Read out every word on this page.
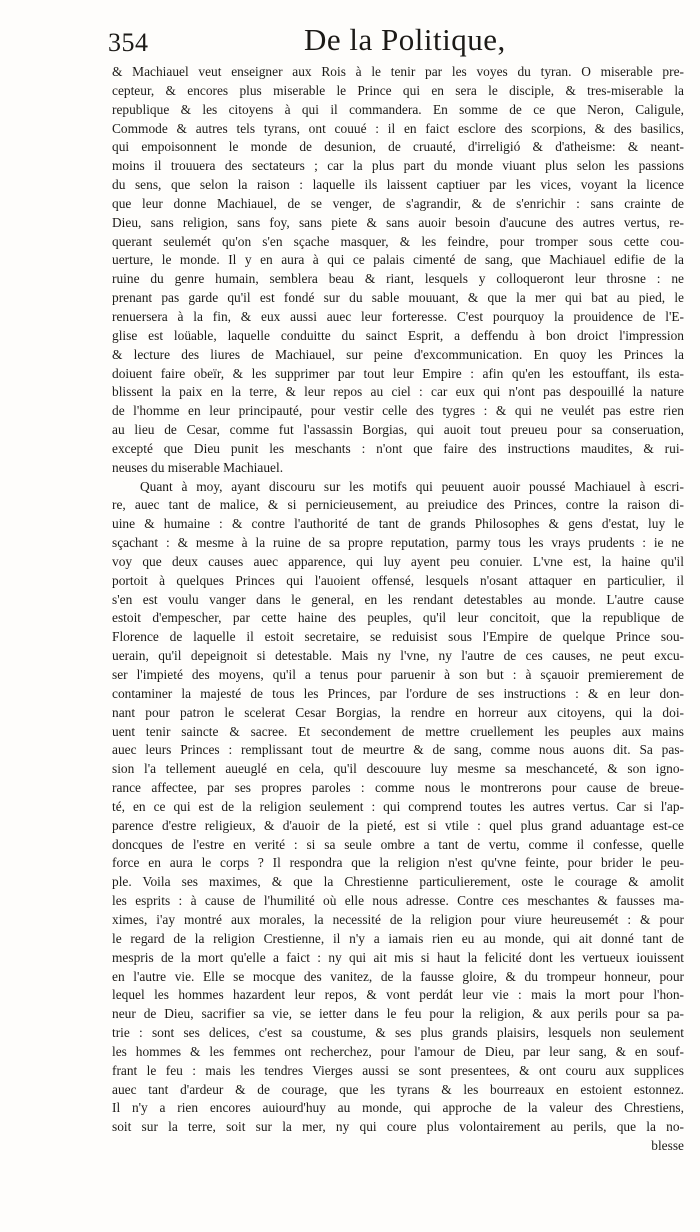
354	De la Politique,
& Machiauel veut enseigner aux Rois à le tenir par les voyes du tyran. O miserable pre-
cepteur, & encores plus miserable le Prince qui en sera le disciple, & tres-miserable la
republique & les citoyens à qui il commandera. En somme de ce que Neron, Caligule,
Commode & autres tels tyrans, ont couué : il en faict esclore des scorpions, & des basilics,
qui empoisonnent le monde de desunion, de cruauté, d'irreligió & d'atheisme: & neant-
moins il trouuera des sectateurs ; car la plus part du monde viuant plus selon les passions
du sens, que selon la raison : laquelle ils laissent captiuer par les vices, voyant la licence
que leur donne Machiauel, de se venger, de s'agrandir, & de s'enrichir : sans crainte de
Dieu, sans religion, sans foy, sans piete & sans auoir besoin d'aucune des autres vertus, re-
querant seulemét qu'on s'en sçache masquer, & les feindre, pour tromper sous cette cou-
uerture, le monde. Il y en aura à qui ce palais cimenté de sang, que Machiauel edifie de la
ruine du genre humain, semblera beau & riant, lesquels y colloqueront leur throsne : ne
prenant pas garde qu'il est fondé sur du sable mouuant, & que la mer qui bat au pied, le
renuersera à la fin, & eux aussi auec leur forteresse. C'est pourquoy la prouidence de l'E-
glise est loüable, laquelle conduitte du sainct Esprit, a deffendu à bon droict l'impression
& lecture des liures de Machiauel, sur peine d'excommunication. En quoy les Princes la
doiuent faire obeïr, & les supprimer par tout leur Empire : afin qu'en les estouffant, ils esta-
blissent la paix en la terre, & leur repos au ciel : car eux qui n'ont pas despouillé la nature
de l'homme en leur principauté, pour vestir celle des tygres : & qui ne veulét pas estre rien
au lieu de Cesar, comme fut l'assassin Borgias, qui auoit tout preueu pour sa conseruation,
excepté que Dieu punit les meschants : n'ont que faire des instructions maudites, & rui-
neuses du miserable Machiauel.
Quant à moy, ayant discouru sur les motifs qui peuuent auoir poussé Machiauel à escri-
re, auec tant de malice, & si pernicieusement, au preiudice des Princes, contre la raison di-
uine & humaine : & contre l'authorité de tant de grands Philosophes & gens d'estat, luy le
sçachant : & mesme à la ruine de sa propre reputation, parmy tous les vrays prudents : ie ne
voy que deux causes auec apparence, qui luy ayent peu conuier. L'vne est, la haine qu'il
portoit à quelques Princes qui l'auoient offensé, lesquels n'osant attaquer en particulier, il
s'en est voulu vanger dans le general, en les rendant detestables au monde. L'autre cause
estoit d'empescher, par cette haine des peuples, qu'il leur concitoit, que la republique de
Florence de laquelle il estoit secretaire, se reduisist sous l'Empire de quelque Prince sou-
uerain, qu'il depeignoit si detestable. Mais ny l'vne, ny l'autre de ces causes, ne peut excu-
ser l'impieté des moyens, qu'il a tenus pour paruenir à son but : à sçauoir premierement de
contaminer la majesté de tous les Princes, par l'ordure de ses instructions : & en leur don-
nant pour patron le scelerat Cesar Borgias, la rendre en horreur aux citoyens, qui la doi-
uent tenir saincte & sacree. Et secondement de mettre cruellement les peuples aux mains
auec leurs Princes : remplissant tout de meurtre & de sang, comme nous auons dit. Sa pas-
sion l'a tellement aueuglé en cela, qu'il descouure luy mesme sa meschanceté, & son igno-
rance affectee, par ses propres paroles : comme nous le montrerons pour cause de breue-
té, en ce qui est de la religion seulement : qui comprend toutes les autres vertus. Car si l'ap-
parence d'estre religieux, & d'auoir de la pieté, est si vtile : quel plus grand aduantage est-ce
doncques de l'estre en verité : si sa seule ombre a tant de vertu, comme il confesse, quelle
force en aura le corps ? Il respondra que la religion n'est qu'vne feinte, pour brider le peu-
ple. Voila ses maximes, & que la Chrestienne particulierement, oste le courage & amolit
les esprits : à cause de l'humilité où elle nous adresse. Contre ces meschantes & fausses ma-
ximes, i'ay montré aux morales, la necessité de la religion pour viure heureusemét : & pour
le regard de la religion Crestienne, il n'y a iamais rien eu au monde, qui ait donné tant de
mespris de la mort qu'elle a faict : ny qui ait mis si haut la felicité dont les vertueux iouissent
en l'autre vie. Elle se mocque des vanitez, de la fausse gloire, & du trompeur honneur, pour
lequel les hommes hazardent leur repos, & vont perdát leur vie : mais la mort pour l'hon-
neur de Dieu, sacrifier sa vie, se ietter dans le feu pour la religion, & aux perils pour sa pa-
trie : sont ses delices, c'est sa coustume, & ses plus grands plaisirs, lesquels non seulement
les hommes & les femmes ont recherchez, pour l'amour de Dieu, par leur sang, & en souf-
frant le feu : mais les tendres Vierges aussi se sont presentees, & ont couru aux supplices
auec tant d'ardeur & de courage, que les tyrans & les bourreaux en estoient estonnez.
Il n'y a rien encores auiourd'huy au monde, qui approche de la valeur des Chrestiens,
soit sur la terre, soit sur la mer, ny qui coure plus volontairement au perils, que la no-
blesse
